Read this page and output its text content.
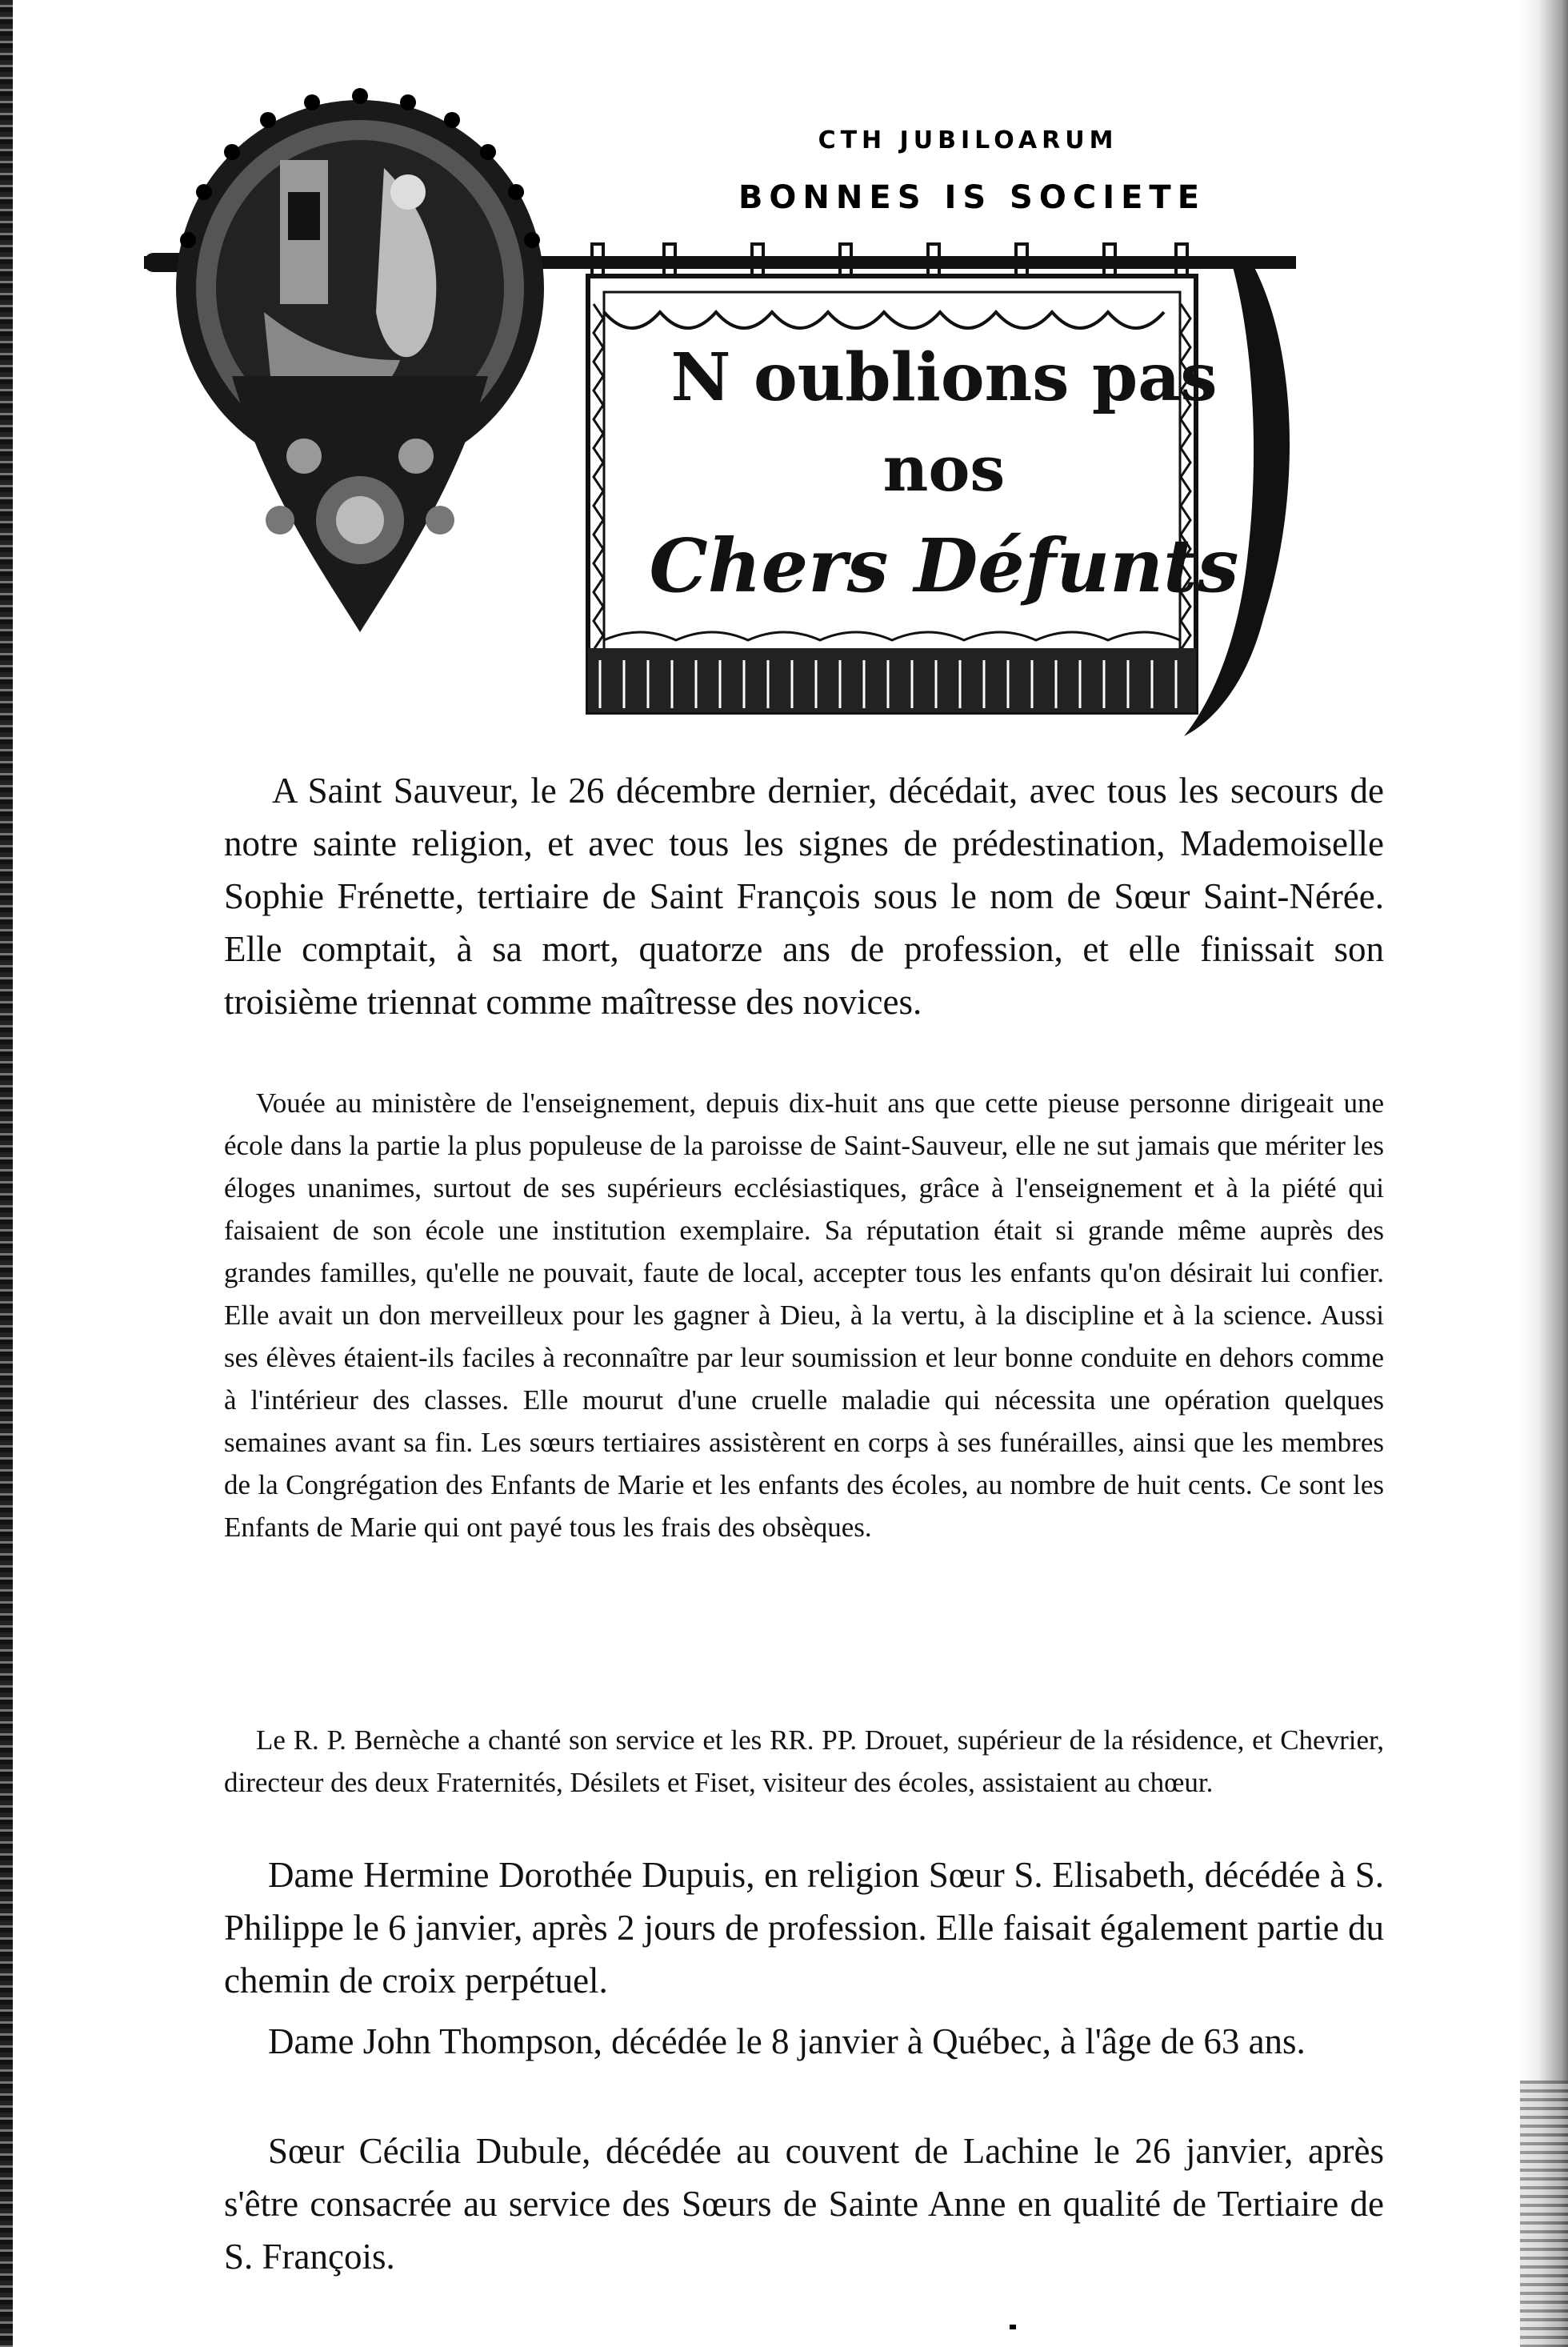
CTH JUBILOARUM
BONNES IS SOCIETE
N oublions pas
nos
Chers Défunts

A Saint Sauveur, le 26 décembre dernier, décédait, avec tous les secours de notre sainte religion, et avec tous les signes de prédestination, Mademoiselle Sophie Frénette, tertiaire de Saint François sous le nom de Sœur Saint-Nérée. Elle comptait, à sa mort, quatorze ans de profession, et elle finissait son troisième triennat comme maîtresse des novices.

Vouée au ministère de l'enseignement, depuis dix-huit ans que cette pieuse personne dirigeait une école dans la partie la plus populeuse de la paroisse de Saint-Sauveur, elle ne sut jamais que mériter les éloges unanimes, surtout de ses supérieurs ecclésiastiques, grâce à l'enseignement et à la piété qui faisaient de son école une institution exemplaire. Sa réputation était si grande même auprès des grandes familles, qu'elle ne pouvait, faute de local, accepter tous les enfants qu'on désirait lui confier. Elle avait un don merveilleux pour les gagner à Dieu, à la vertu, à la discipline et à la science. Aussi ses élèves étaient-ils faciles à reconnaître par leur soumission et leur bonne conduite en dehors comme à l'intérieur des classes. Elle mourut d'une cruelle maladie qui nécessita une opération quelques semaines avant sa fin. Les sœurs tertiaires assistèrent en corps à ses funérailles, ainsi que les membres de la Congrégation des Enfants de Marie et les enfants des écoles, au nombre de huit cents. Ce sont les Enfants de Marie qui ont payé tous les frais des obsèques.

Le R. P. Bernèche a chanté son service et les RR. PP. Drouet, supérieur de la résidence, et Chevrier, directeur des deux Fraternités, Désilets et Fiset, visiteur des écoles, assistaient au chœur.

Dame Hermine Dorothée Dupuis, en religion Sœur S. Elisabeth, décédée à S. Philippe le 6 janvier, après 2 jours de profession. Elle faisait également partie du chemin de croix perpétuel.

Dame John Thompson, décédée le 8 janvier à Québec, à l'âge de 63 ans.

Sœur Cécilia Dubule, décédée au couvent de Lachine le 26 janvier, après s'être consacrée au service des Sœurs de Sainte Anne en qualité de Tertiaire de S. François.
